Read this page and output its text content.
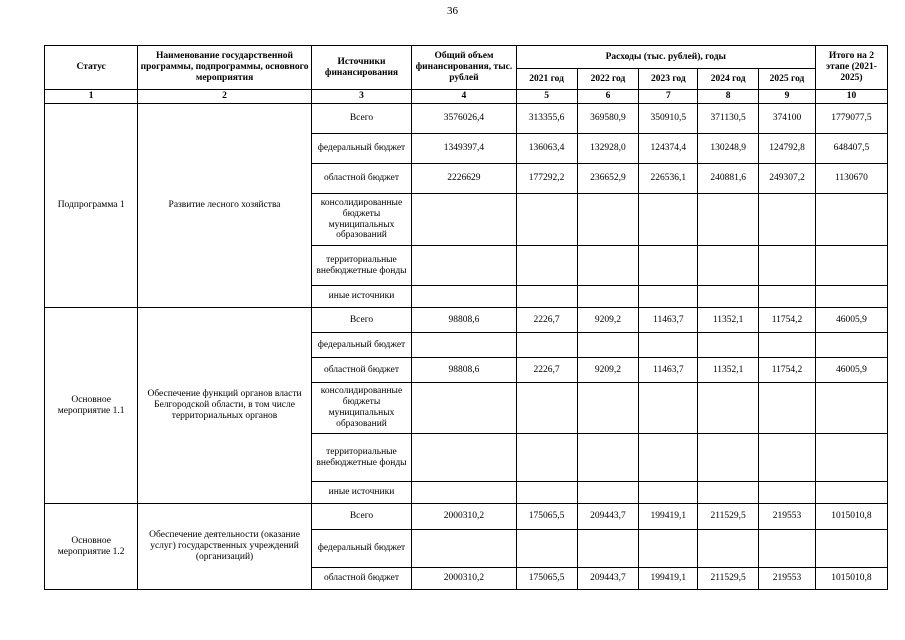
36
Статус	Наименование государственной программы, подпрограммы, основного мероприятия	Источники финансирования	Общий объем финансирования, тыс. рублей	Расходы (тыс. рублей), годы					Итого на 2 этапе (2021-2025)
				2021 год	2022 год	2023 год	2024 год	2025 год	
1	2	3	4	5	6	7	8	9	10
Подпрограмма 1	Развитие лесного хозяйства	Всего	3576026,4	313355,6	369580,9	350910,5	371130,5	374100	1779077,5
		федеральный бюджет	1349397,4	136063,4	132928,0	124374,4	130248,9	124792,8	648407,5
		областной бюджет	2226629	177292,2	236652,9	226536,1	240881,6	249307,2	1130670
		консолидированные бюджеты муниципальных образований							
		территориальные внебюджетные фонды							
		иные источники							
Основное мероприятие 1.1	Обеспечение функций органов власти Белгородской области, в том числе территориальных органов	Всего	98808,6	2226,7	9209,2	11463,7	11352,1	11754,2	46005,9
		федеральный бюджет							
		областной бюджет	98808,6	2226,7	9209,2	11463,7	11352,1	11754,2	46005,9
		консолидированные бюджеты муниципальных образований							
		территориальные внебюджетные фонды							
		иные источники							
Основное мероприятие 1.2	Обеспечение деятельности (оказание услуг) государственных учреждений (организаций)	Всего	2000310,2	175065,5	209443,7	199419,1	211529,5	219553	1015010,8
		федеральный бюджет							
		областной бюджет	2000310,2	175065,5	209443,7	199419,1	211529,5	219553	1015010,8
